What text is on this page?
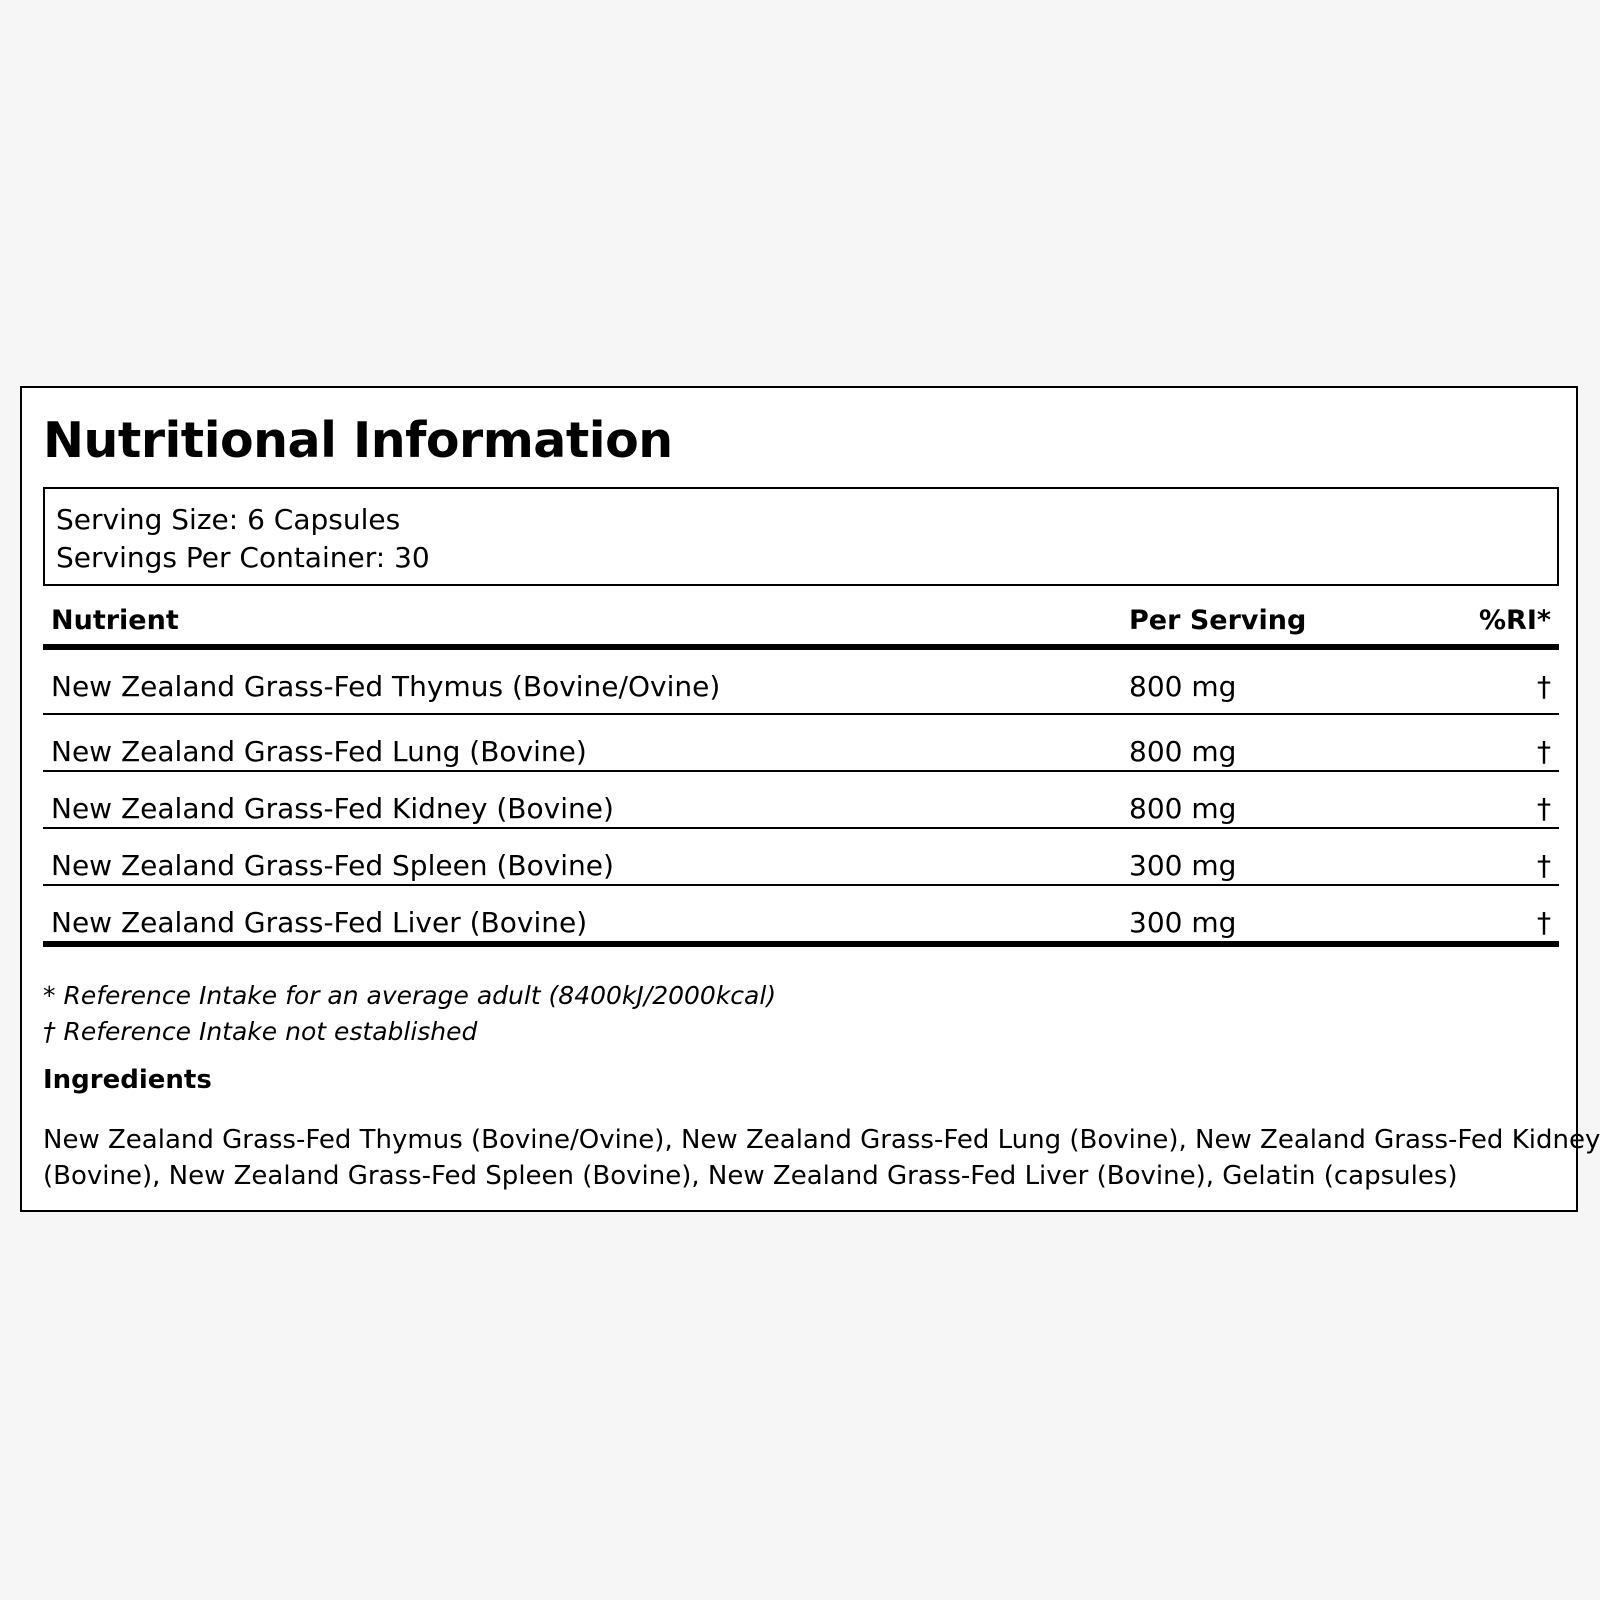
Nutritional Information
Serving Size: 6 Capsules
Servings Per Container: 30
Nutrient	Per Serving	%RI*
New Zealand Grass-Fed Thymus (Bovine/Ovine)	800 mg	†
New Zealand Grass-Fed Lung (Bovine)	800 mg	†
New Zealand Grass-Fed Kidney (Bovine)	800 mg	†
New Zealand Grass-Fed Spleen (Bovine)	300 mg	†
New Zealand Grass-Fed Liver (Bovine)	300 mg	†
* Reference Intake for an average adult (8400kJ/2000kcal)
† Reference Intake not established
Ingredients
New Zealand Grass-Fed Thymus (Bovine/Ovine), New Zealand Grass-Fed Lung (Bovine), New Zealand Grass-Fed Kidney
(Bovine), New Zealand Grass-Fed Spleen (Bovine), New Zealand Grass-Fed Liver (Bovine), Gelatin (capsules)
